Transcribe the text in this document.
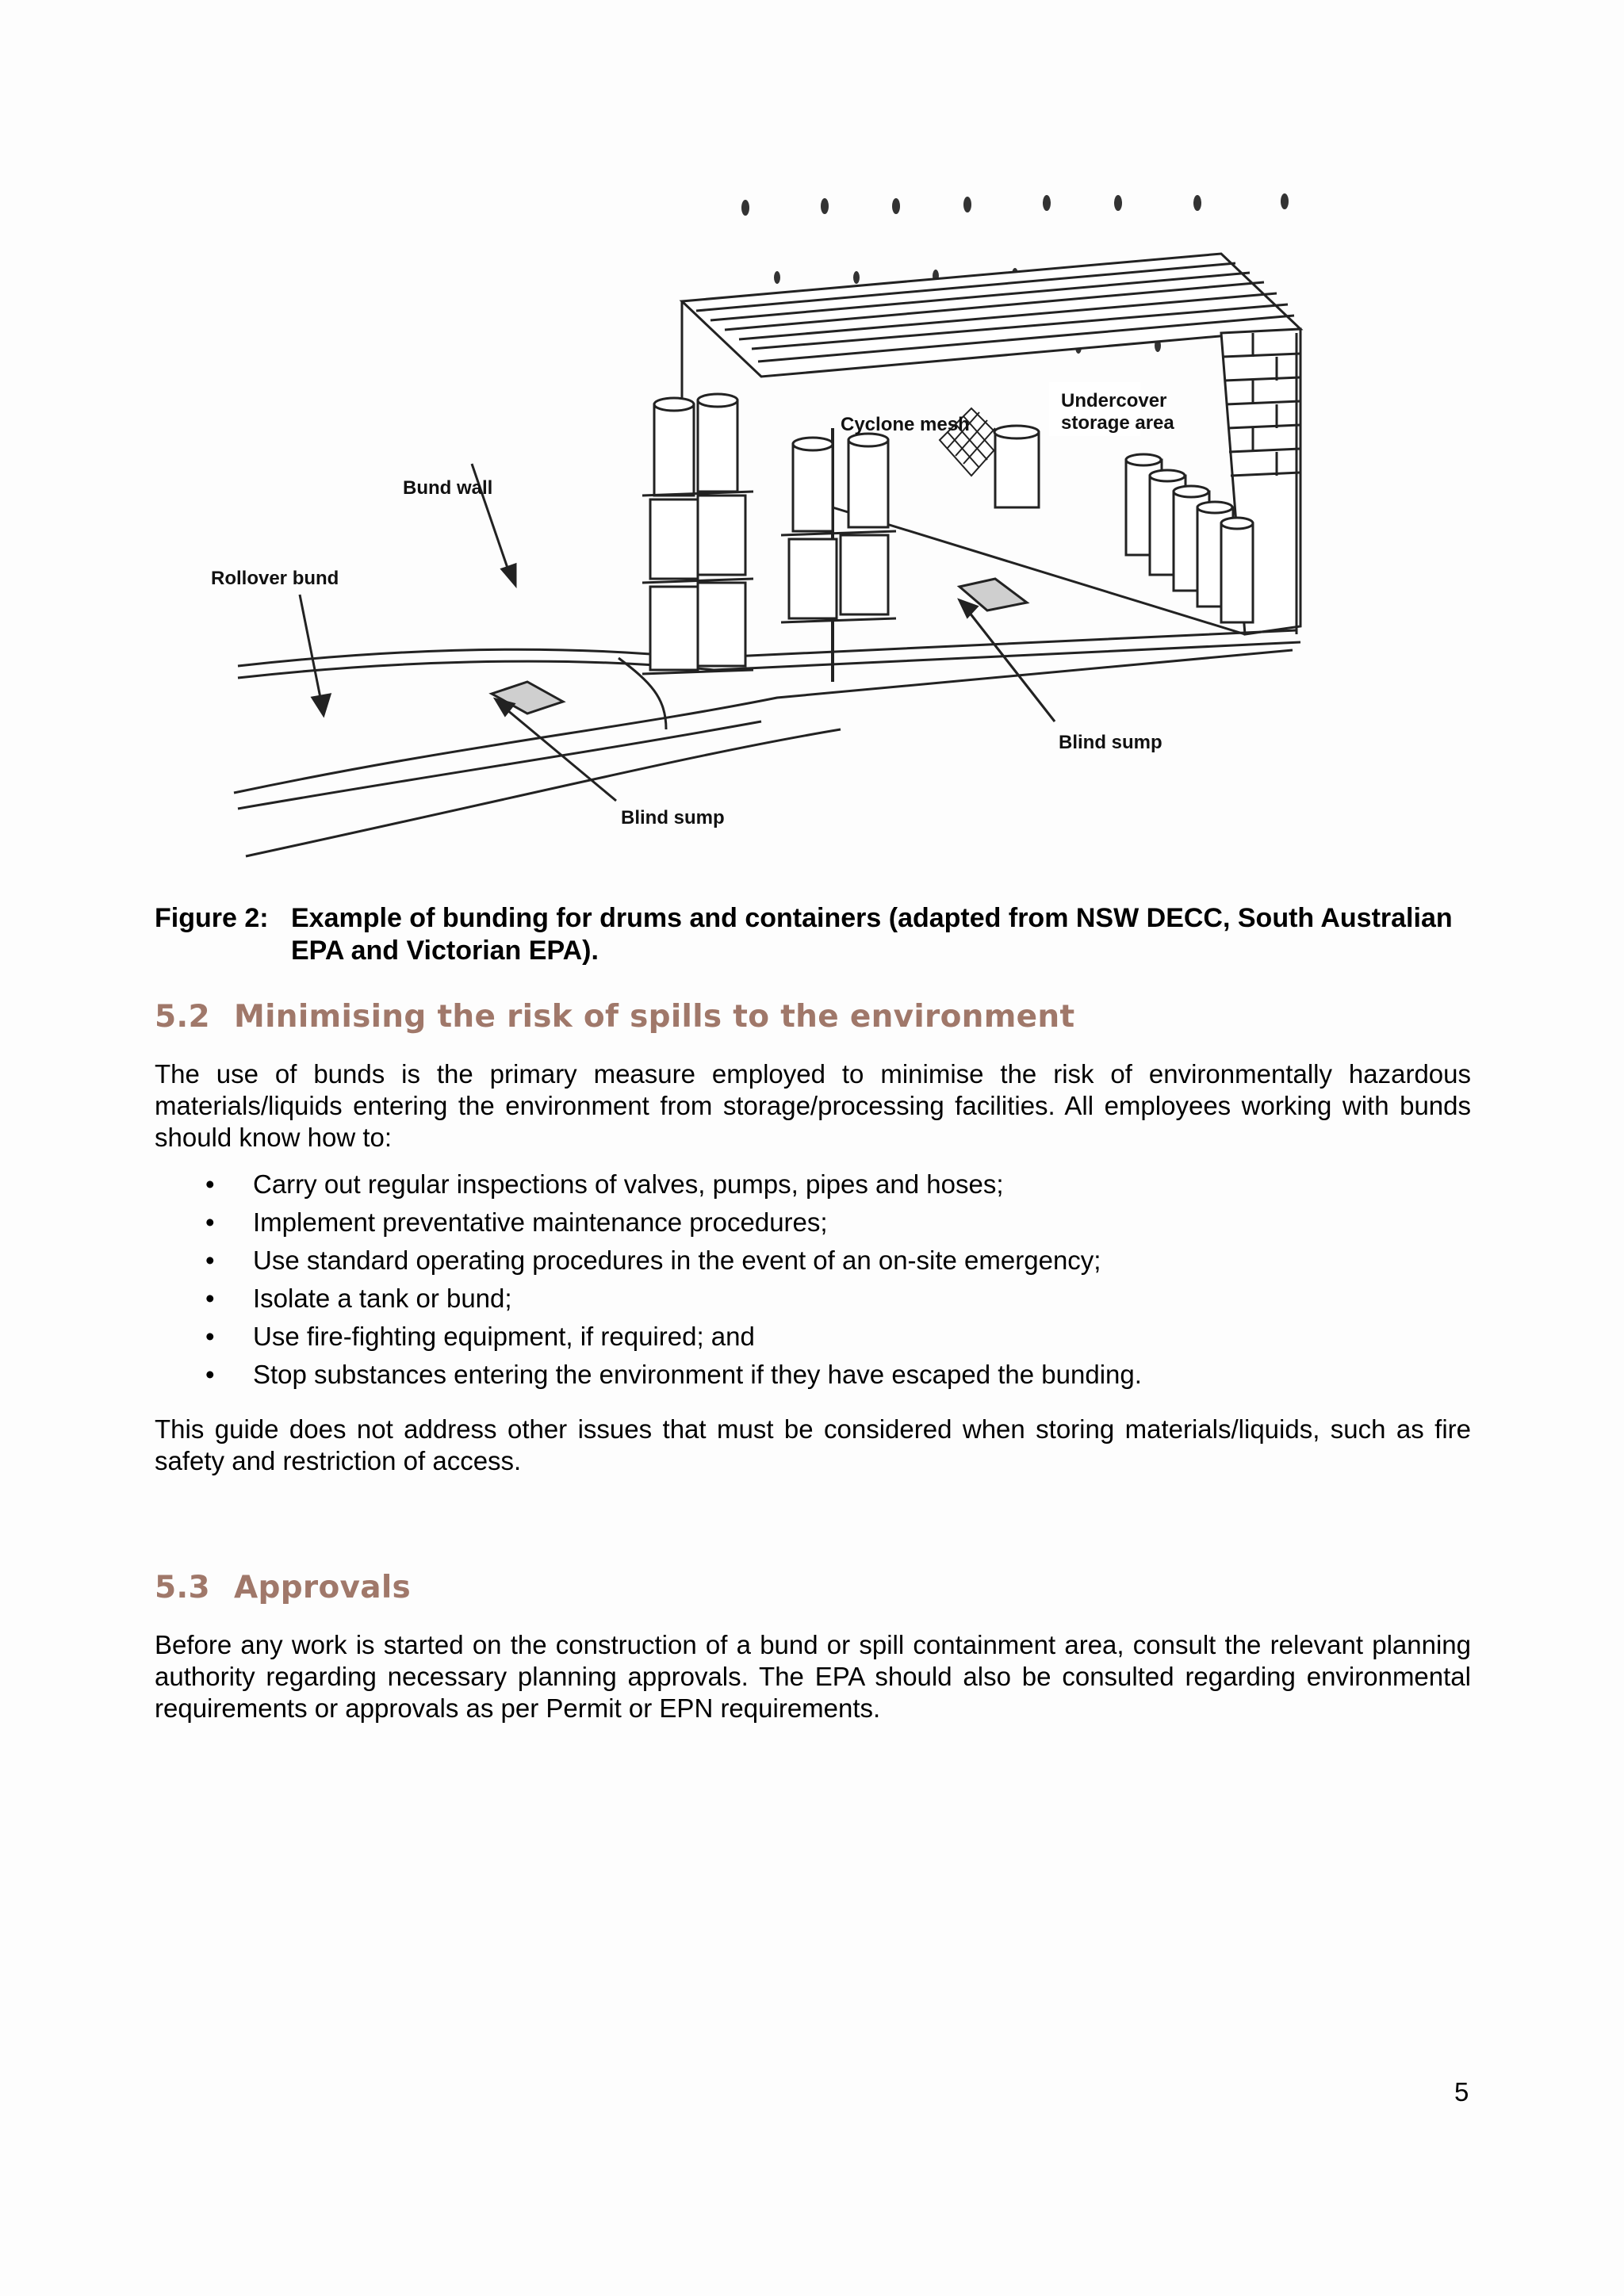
Undercover
storage area
Cyclone mesh
Bund wall
Rollover bund
Blind sump
Blind sump
Figure 2: Example of bunding for drums and containers (adapted from NSW DECC, South Australian EPA and Victorian EPA).
5.2 Minimising the risk of spills to the environment

The use of bunds is the primary measure employed to minimise the risk of environmentally hazardous materials/liquids entering the environment from storage/processing facilities. All employees working with bunds should know how to:

• Carry out regular inspections of valves, pumps, pipes and hoses;
• Implement preventative maintenance procedures;
• Use standard operating procedures in the event of an on-site emergency;
• Isolate a tank or bund;
• Use fire-fighting equipment, if required; and
• Stop substances entering the environment if they have escaped the bunding.

This guide does not address other issues that must be considered when storing materials/liquids, such as fire safety and restriction of access.

5.3 Approvals

Before any work is started on the construction of a bund or spill containment area, consult the relevant planning authority regarding necessary planning approvals. The EPA should also be consulted regarding environmental requirements or approvals as per Permit or EPN requirements.

5
